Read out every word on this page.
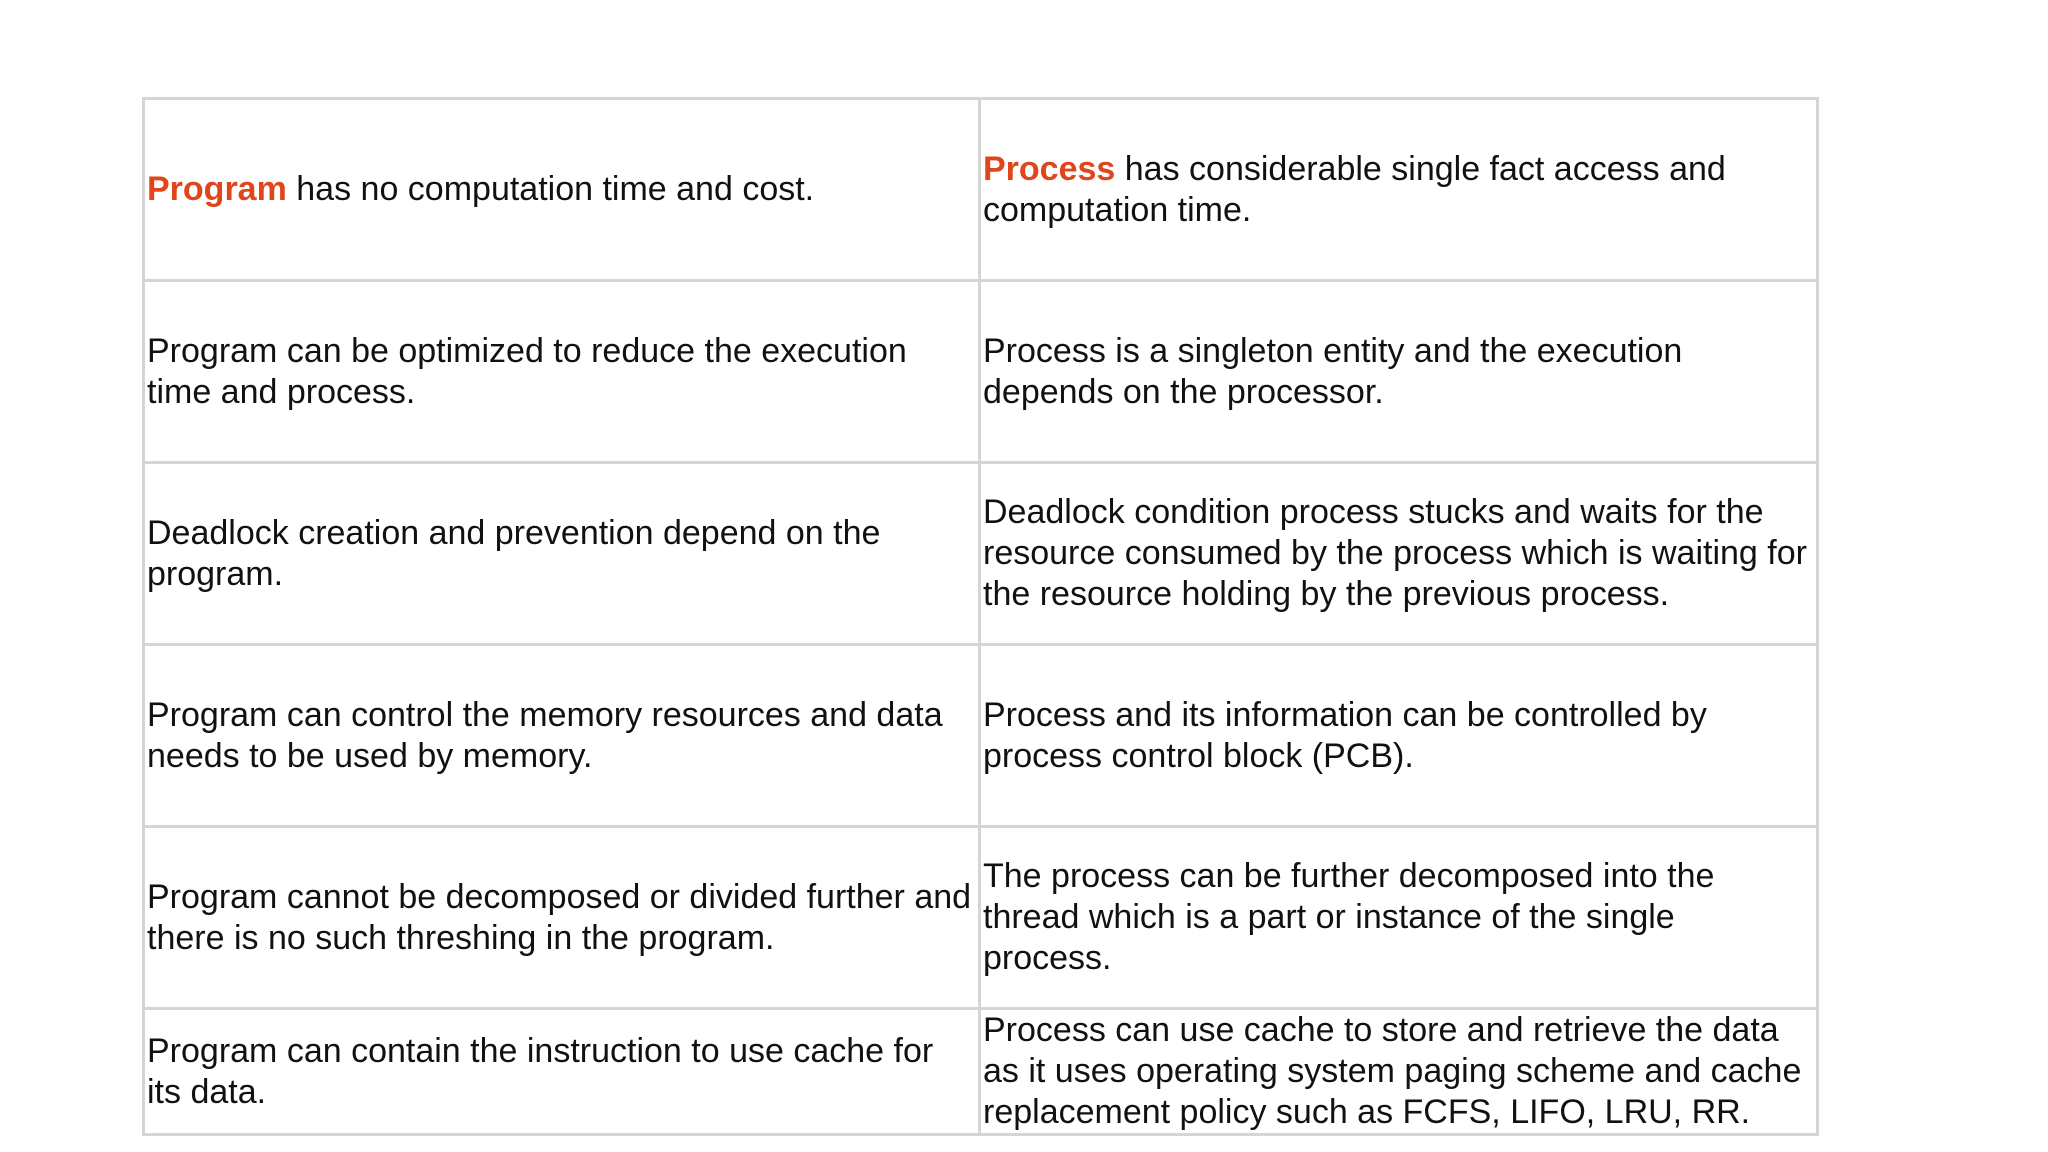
Program has no computation time and cost.	Process has considerable single fact access and computation time.
Program can be optimized to reduce the execution time and process.	Process is a singleton entity and the execution depends on the processor.
Deadlock creation and prevention depend on the program.	Deadlock condition process stucks and waits for the resource consumed by the process which is waiting for the resource holding by the previous process.
Program can control the memory resources and data needs to be used by memory.	Process and its information can be controlled by process control block (PCB).
Program cannot be decomposed or divided further and there is no such threshing in the program.	The process can be further decomposed into the thread which is a part or instance of the single process.
Program can contain the instruction to use cache for its data.	Process can use cache to store and retrieve the data as it uses operating system paging scheme and cache replacement policy such as FCFS, LIFO, LRU, RR.
